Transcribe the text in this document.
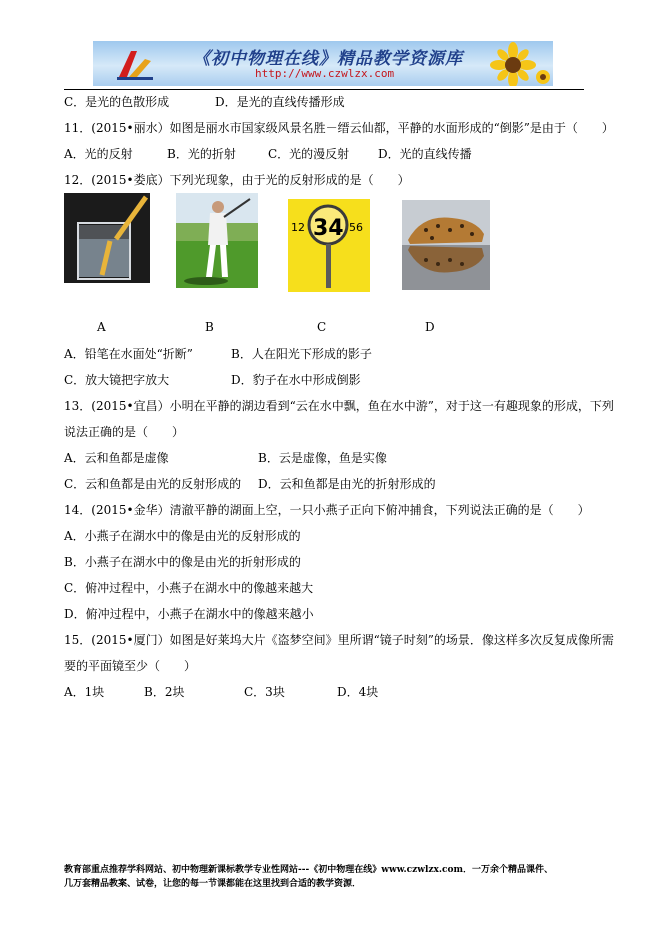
《初中物理在线》精品教学资源库
http://www.czwlzx.com
C．是光的色散形成	D．是光的直线传播形成
11．(2015•丽水）如图是丽水市国家级风景名胜－缙云仙都，平静的水面形成的“倒影”是由于（　　）
A．光的反射	B．光的折射	C．光的漫反射 D．光的直线传播
12．(2015•娄底）下列光现象，由于光的反射形成的是（　　）
12 34 56
A	B	C	D
A．铅笔在水面处“折断”	B．人在阳光下形成的影子
C．放大镜把字放大	D．豹子在水中形成倒影
13．(2015•宜昌）小明在平静的湖边看到“云在水中飘，鱼在水中游”，对于这一有趣现象的形成，下列
说法正确的是（　　）
A．云和鱼都是虚像	B．云是虚像，鱼是实像
C．云和鱼都是由光的反射形成的 D．云和鱼都是由光的折射形成的
14．(2015•金华）清澈平静的湖面上空，一只小燕子正向下俯冲捕食，下列说法正确的是（　　）
A．小燕子在湖水中的像是由光的反射形成的
B．小燕子在湖水中的像是由光的折射形成的
C．俯冲过程中，小燕子在湖水中的像越来越大
D．俯冲过程中，小燕子在湖水中的像越来越小
15．(2015•厦门）如图是好莱坞大片《盗梦空间》里所谓“镜子时刻”的场景．像这样多次反复成像所需
要的平面镜至少（　　）
A．1块	B．2块	C．3块	D．4块
教育部重点推荐学科网站、初中物理新课标教学专业性网站---《初中物理在线》www.czwlzx.com．一万余个精品课件、
几万套精品教案、试卷，让您的每一节课都能在这里找到合适的教学资源．
